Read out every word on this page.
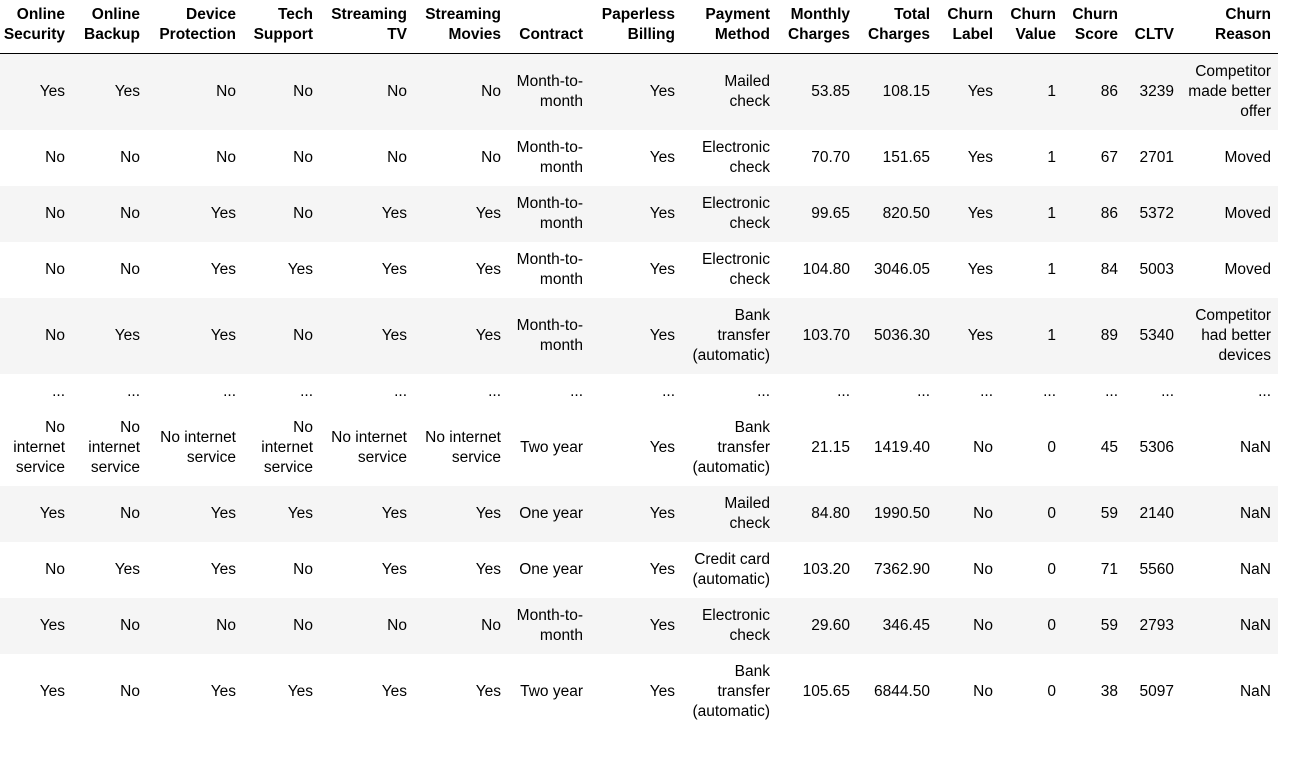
Online Security	Online Backup	Device Protection	Tech Support	Streaming TV	Streaming Movies	Contract	Paperless Billing	Payment Method	Monthly Charges	Total Charges	Churn Label	Churn Value	Churn Score	CLTV	Churn Reason
Yes	Yes	No	No	No	No	Month-to-month	Yes	Mailed check	53.85	108.15	Yes	1	86	3239	Competitor made better offer
No	No	No	No	No	No	Month-to-month	Yes	Electronic check	70.70	151.65	Yes	1	67	2701	Moved
No	No	Yes	No	Yes	Yes	Month-to-month	Yes	Electronic check	99.65	820.50	Yes	1	86	5372	Moved
No	No	Yes	Yes	Yes	Yes	Month-to-month	Yes	Electronic check	104.80	3046.05	Yes	1	84	5003	Moved
No	Yes	Yes	No	Yes	Yes	Month-to-month	Yes	Bank transfer (automatic)	103.70	5036.30	Yes	1	89	5340	Competitor had better devices
...	...	...	...	...	...	...	...	...	...	...	...	...	...	...	...
No internet service	No internet service	No internet service	No internet service	No internet service	No internet service	Two year	Yes	Bank transfer (automatic)	21.15	1419.40	No	0	45	5306	NaN
Yes	No	Yes	Yes	Yes	Yes	One year	Yes	Mailed check	84.80	1990.50	No	0	59	2140	NaN
No	Yes	Yes	No	Yes	Yes	One year	Yes	Credit card (automatic)	103.20	7362.90	No	0	71	5560	NaN
Yes	No	No	No	No	No	Month-to-month	Yes	Electronic check	29.60	346.45	No	0	59	2793	NaN
Yes	No	Yes	Yes	Yes	Yes	Two year	Yes	Bank transfer (automatic)	105.65	6844.50	No	0	38	5097	NaN
